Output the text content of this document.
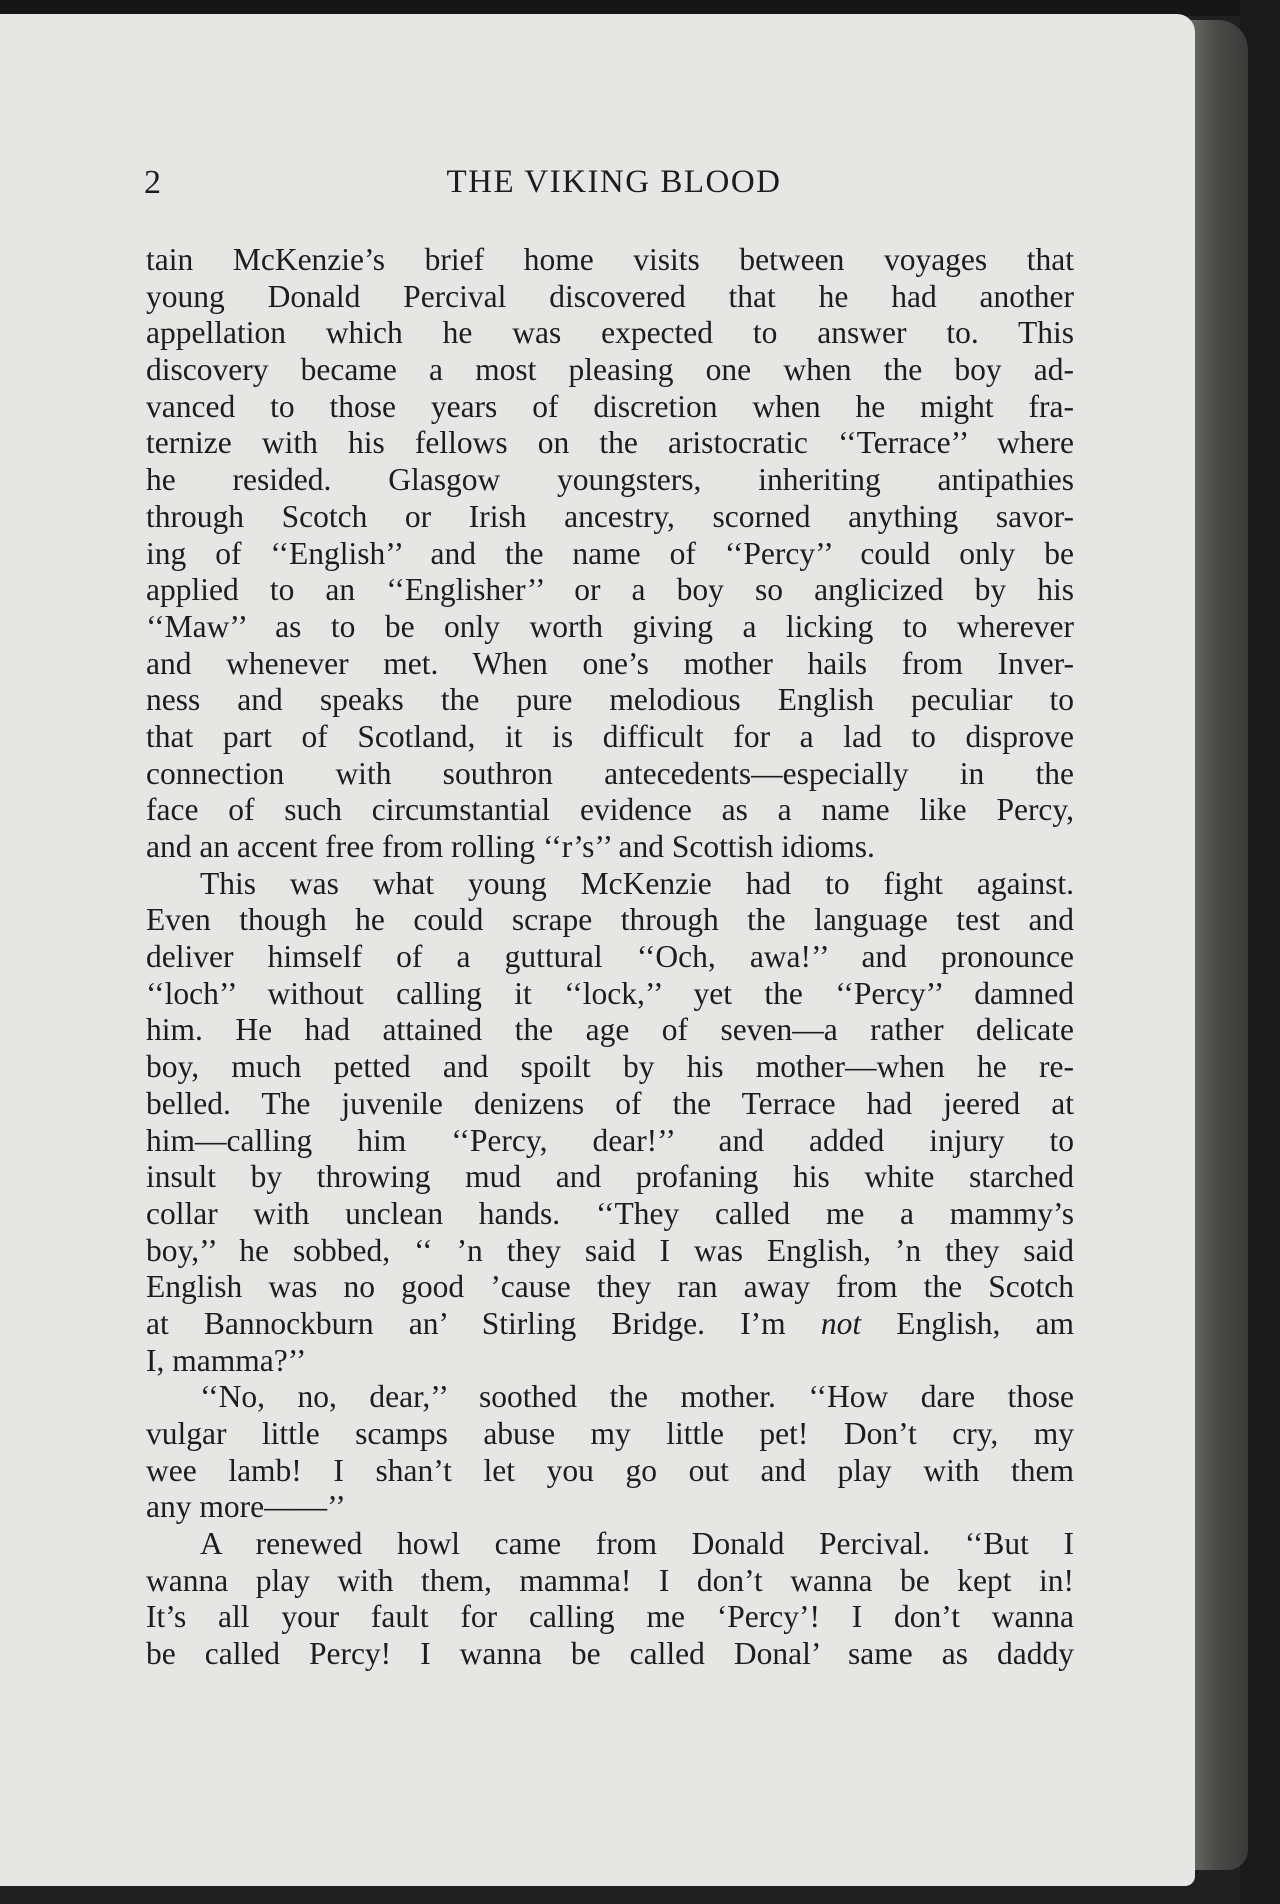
2	THE VIKING BLOOD
tain McKenzie’s brief home visits between voyages that
young Donald Percival discovered that he had another
appellation which he was expected to answer to. This
discovery became a most pleasing one when the boy ad-
vanced to those years of discretion when he might fra-
ternize with his fellows on the aristocratic ‘‘Terrace’’ where
he resided. Glasgow youngsters, inheriting antipathies
through Scotch or Irish ancestry, scorned anything savor-
ing of ‘‘English’’ and the name of ‘‘Percy’’ could only be
applied to an ‘‘Englisher’’ or a boy so anglicized by his
‘‘Maw’’ as to be only worth giving a licking to wherever
and whenever met. When one’s mother hails from Inver-
ness and speaks the pure melodious English peculiar to
that part of Scotland, it is difficult for a lad to disprove
connection with southron antecedents—especially in the
face of such circumstantial evidence as a name like Percy,
and an accent free from rolling ‘‘r’s’’ and Scottish idioms.
This was what young McKenzie had to fight against.
Even though he could scrape through the language test and
deliver himself of a guttural ‘‘Och, awa!’’ and pronounce
‘‘loch’’ without calling it ‘‘lock,’’ yet the ‘‘Percy’’ damned
him. He had attained the age of seven—a rather delicate
boy, much petted and spoilt by his mother—when he re-
belled. The juvenile denizens of the Terrace had jeered at
him—calling him ‘‘Percy, dear!’’ and added injury to
insult by throwing mud and profaning his white starched
collar with unclean hands. ‘‘They called me a mammy’s
boy,’’ he sobbed, ‘‘ ’n they said I was English, ’n they said
English was no good ’cause they ran away from the Scotch
at Bannockburn an’ Stirling Bridge. I’m not English, am
I, mamma?’’
‘‘No, no, dear,’’ soothed the mother. ‘‘How dare those
vulgar little scamps abuse my little pet! Don’t cry, my
wee lamb! I shan’t let you go out and play with them
any more——’’
A renewed howl came from Donald Percival. ‘‘But I
wanna play with them, mamma! I don’t wanna be kept in!
It’s all your fault for calling me ‘Percy’! I don’t wanna
be called Percy! I wanna be called Donal’ same as daddy
